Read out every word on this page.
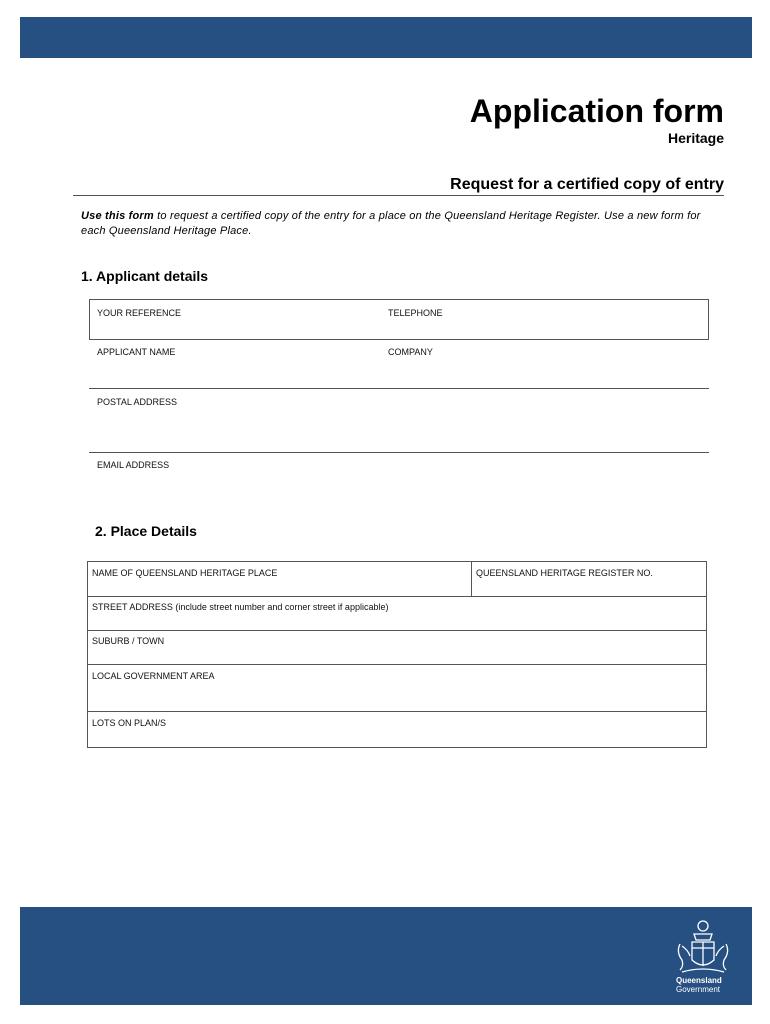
Application form
Heritage
Request for a certified copy of entry

Use this form to request a certified copy of the entry for a place on the Queensland Heritage Register. Use a new form for each Queensland Heritage Place.

1. Applicant details
YOUR REFERENCE	TELEPHONE
APPLICANT NAME	COMPANY
POSTAL ADDRESS
EMAIL ADDRESS
2. Place Details
NAME OF QUEENSLAND HERITAGE PLACE	QUEENSLAND HERITAGE REGISTER NO.
STREET ADDRESS (include street number and corner street if applicable)
SUBURB / TOWN
LOCAL GOVERNMENT AREA
LOTS ON PLAN/S
Queensland
Government
